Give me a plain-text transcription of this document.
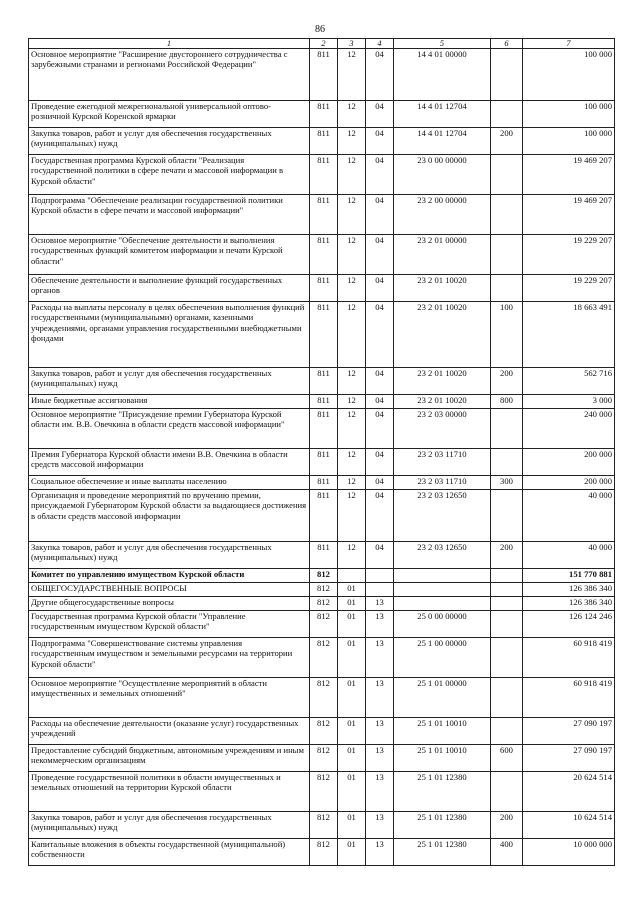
86
1	2	3	4	5	6	7
Основное мероприятие "Расширение двустороннего сотрудничества с зарубежными странами и регионами Российской Федерации"	811	12	04	14 4 01 00000		100 000
Проведение ежегодной межрегиональной универсальной оптово-розничной Курской Коренской ярмарки	811	12	04	14 4 01 12704		100 000
Закупка товаров, работ и услуг для обеспечения государственных (муниципальных) нужд	811	12	04	14 4 01 12704	200	100 000
Государственная программа Курской области "Реализация государственной политики в сфере печати и массовой информации в Курской области"	811	12	04	23 0 00 00000		19 469 207
Подпрограмма "Обеспечение реализации государственной политики Курской области в сфере печати и массовой информации"	811	12	04	23 2 00 00000		19 469 207
Основное мероприятие "Обеспечение деятельности и выполнения государственных функций комитетом информации и печати Курской области"	811	12	04	23 2 01 00000		19 229 207
Обеспечение деятельности и выполнение функций государственных органов	811	12	04	23 2 01 10020		19 229 207
Расходы на выплаты персоналу в целях обеспечения выполнения функций государственными (муниципальными) органами, казенными учреждениями, органами управления государственными внебюджетными фондами	811	12	04	23 2 01 10020	100	18 663 491
Закупка товаров, работ и услуг для обеспечения государственных (муниципальных) нужд	811	12	04	23 2 01 10020	200	562 716
Иные бюджетные ассигнования	811	12	04	23 2 01 10020	800	3 000
Основное мероприятие "Присуждение премии Губернатора Курской области им. В.В. Овечкина в области средств массовой информации"	811	12	04	23 2 03 00000		240 000
Премия Губернатора Курской области имени В.В. Овечкина в области средств массовой информации	811	12	04	23 2 03 11710		200 000
Социальное обеспечение и иные выплаты населению	811	12	04	23 2 03 11710	300	200 000
Организация и проведение мероприятий по вручению премии, присуждаемой Губернатором Курской области за выдающиеся достижения в области средств массовой информации	811	12	04	23 2 03 12650		40 000
Закупка товаров, работ и услуг для обеспечения государственных (муниципальных) нужд	811	12	04	23 2 03 12650	200	40 000
Комитет по управлению имуществом Курской области	812					151 770 881
ОБЩЕГОСУДАРСТВЕННЫЕ ВОПРОСЫ	812	01				126 386 340
Другие общегосударственные вопросы	812	01	13			126 386 340
Государственная программа Курской области "Управление государственным имуществом Курской области"	812	01	13	25 0 00 00000		126 124 246
Подпрограмма "Совершенствование системы управления государственным имуществом и земельными ресурсами на территории Курской области"	812	01	13	25 1 00 00000		60 918 419
Основное мероприятие "Осуществление мероприятий в области имущественных и земельных отношений"	812	01	13	25 1 01 00000		60 918 419
Расходы на обеспечение деятельности (оказание услуг) государственных учреждений	812	01	13	25 1 01 10010		27 090 197
Предоставление субсидий бюджетным, автономным учреждениям и иным некоммерческим организациям	812	01	13	25 1 01 10010	600	27 090 197
Проведение государственной политики в области имущественных и земельных отношений на территории Курской области	812	01	13	25 1 01 12380		20 624 514
Закупка товаров, работ и услуг для обеспечения государственных (муниципальных) нужд	812	01	13	25 1 01 12380	200	10 624 514
Капитальные вложения в объекты государственной (муниципальной) собственности	812	01	13	25 1 01 12380	400	10 000 000
